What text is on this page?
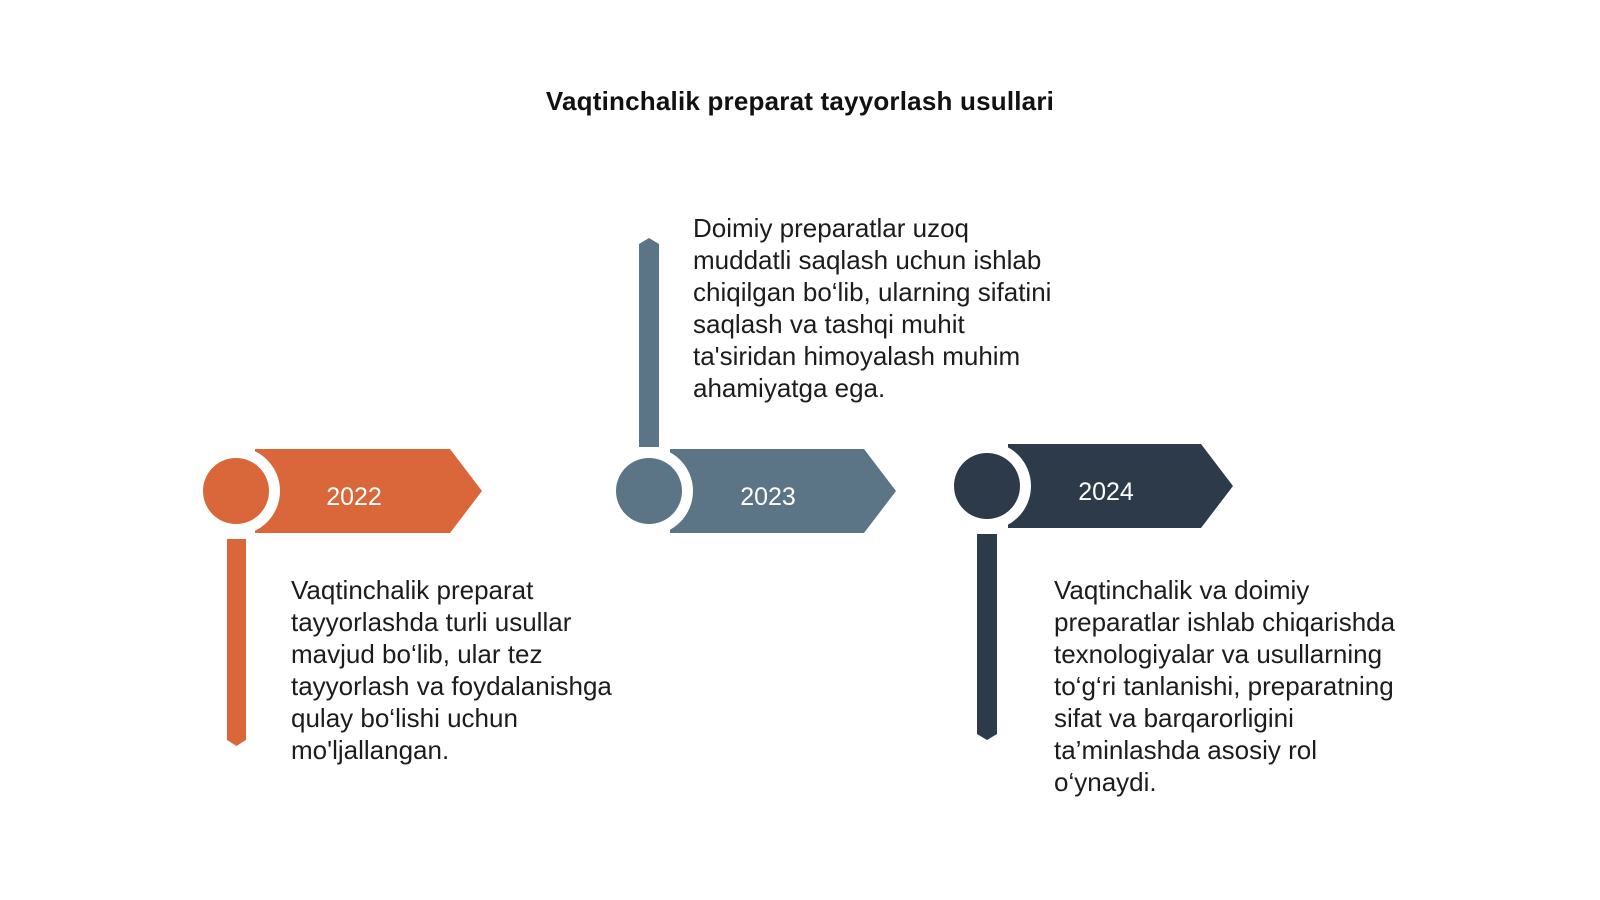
Vaqtinchalik preparat tayyorlash usullari
2022	2023	2024
Vaqtinchalik preparat tayyorlashda turli usullar mavjud bo‘lib, ular tez tayyorlash va foydalanishga qulay bo‘lishi uchun mo'ljallangan.
Doimiy preparatlar uzoq muddatli saqlash uchun ishlab chiqilgan bo‘lib, ularning sifatini saqlash va tashqi muhit ta'siridan himoyalash muhim ahamiyatga ega.
Vaqtinchalik va doimiy preparatlar ishlab chiqarishda texnologiyalar va usullarning to‘g‘ri tanlanishi, preparatning sifat va barqarorligini ta’minlashda asosiy rol o‘ynaydi.
